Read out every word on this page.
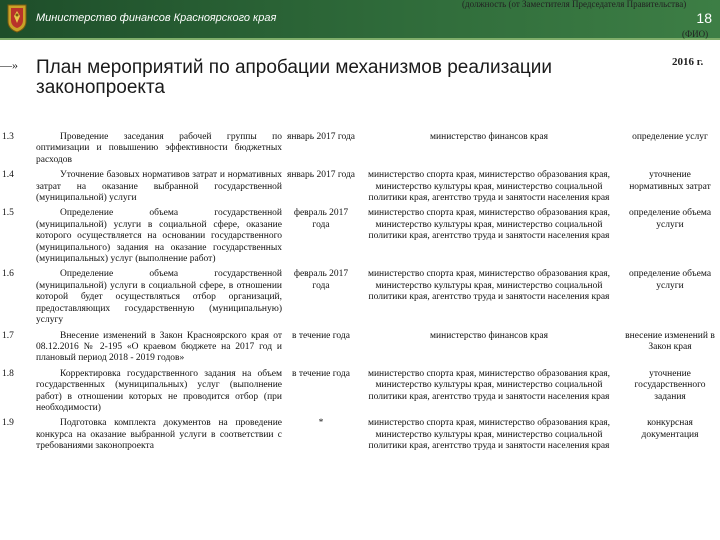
Министерство финансов Красноярского края
(должность (от Заместителя Председателя Правительства)
18
(ФИО)
—»	2016 г.
План мероприятий по апробации механизмов реализации законопроекта
1.3	Проведение заседания рабочей группы по оптимизации и повышению эффективности бюджетных расходов	январь 2017 года	министерство финансов края	определение услуг
1.4	Уточнение базовых нормативов затрат и нормативных затрат на оказание выбранной государственной (муниципальной) услуги	январь 2017 года	министерство спорта края, министерство образования края, министерство культуры края, министерство социальной политики края, агентство труда и занятости населения края	уточнение нормативных затрат
1.5	Определение объема государственной (муниципальной) услуги в социальной сфере, оказание которого осуществляется на основании государственного (муниципального) задания на оказание государственных (муниципальных) услуг (выполнение работ)	февраль 2017 года	министерство спорта края, министерство образования края, министерство культуры края, министерство социальной политики края, агентство труда и занятости населения края	определение объема услуги
1.6	Определение объема государственной (муниципальной) услуги в социальной сфере, в отношении которой будет осуществляться отбор организаций, предоставляющих государственную (муниципальную) услугу	февраль 2017 года	министерство спорта края, министерство образования края, министерство культуры края, министерство социальной политики края, агентство труда и занятости населения края	определение объема услуги
1.7	Внесение изменений в Закон Красноярского края от 08.12.2016 № 2-195 «О краевом бюджете на 2017 год и плановый период 2018 - 2019 годов»	в течение года	министерство финансов края	внесение изменений в Закон края
1.8	Корректировка государственного задания на объем государственных (муниципальных) услуг (выполнение работ) в отношении которых не проводится отбор (при необходимости)	в течение года	министерство спорта края, министерство образования края, министерство культуры края, министерство социальной политики края, агентство труда и занятости населения края	уточнение государственного задания
1.9	Подготовка комплекта документов на проведение конкурса на оказание выбранной услуги в соответствии с требованиями законопроекта	*	министерство спорта края, министерство образования края, министерство культуры края, министерство социальной политики края, агентство труда и занятости населения края	конкурсная документация
